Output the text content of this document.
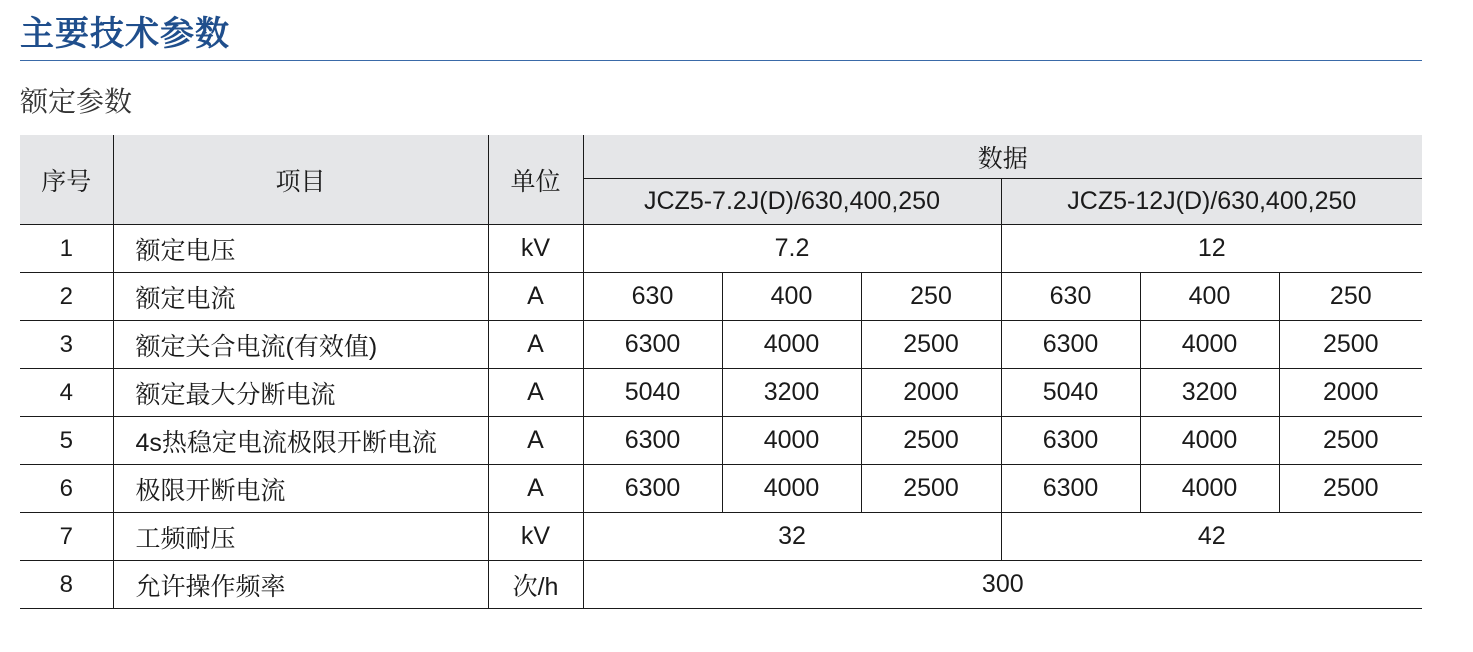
主要技术参数
额定参数
序号	项目	单位	数据					
			JCZ5-7.2J(D)/630,400,250			JCZ5-12J(D)/630,400,250		
1	额定电压	kV	7.2			12		
2	额定电流	A	630	400	250	630	400	250
3	额定关合电流(有效值)	A	6300	4000	2500	6300	4000	2500
4	额定最大分断电流	A	5040	3200	2000	5040	3200	2000
5	4s热稳定电流极限开断电流	A	6300	4000	2500	6300	4000	2500
6	极限开断电流	A	6300	4000	2500	6300	4000	2500
7	工频耐压	kV	32			42		
8	允许操作频率	次/h	300					
